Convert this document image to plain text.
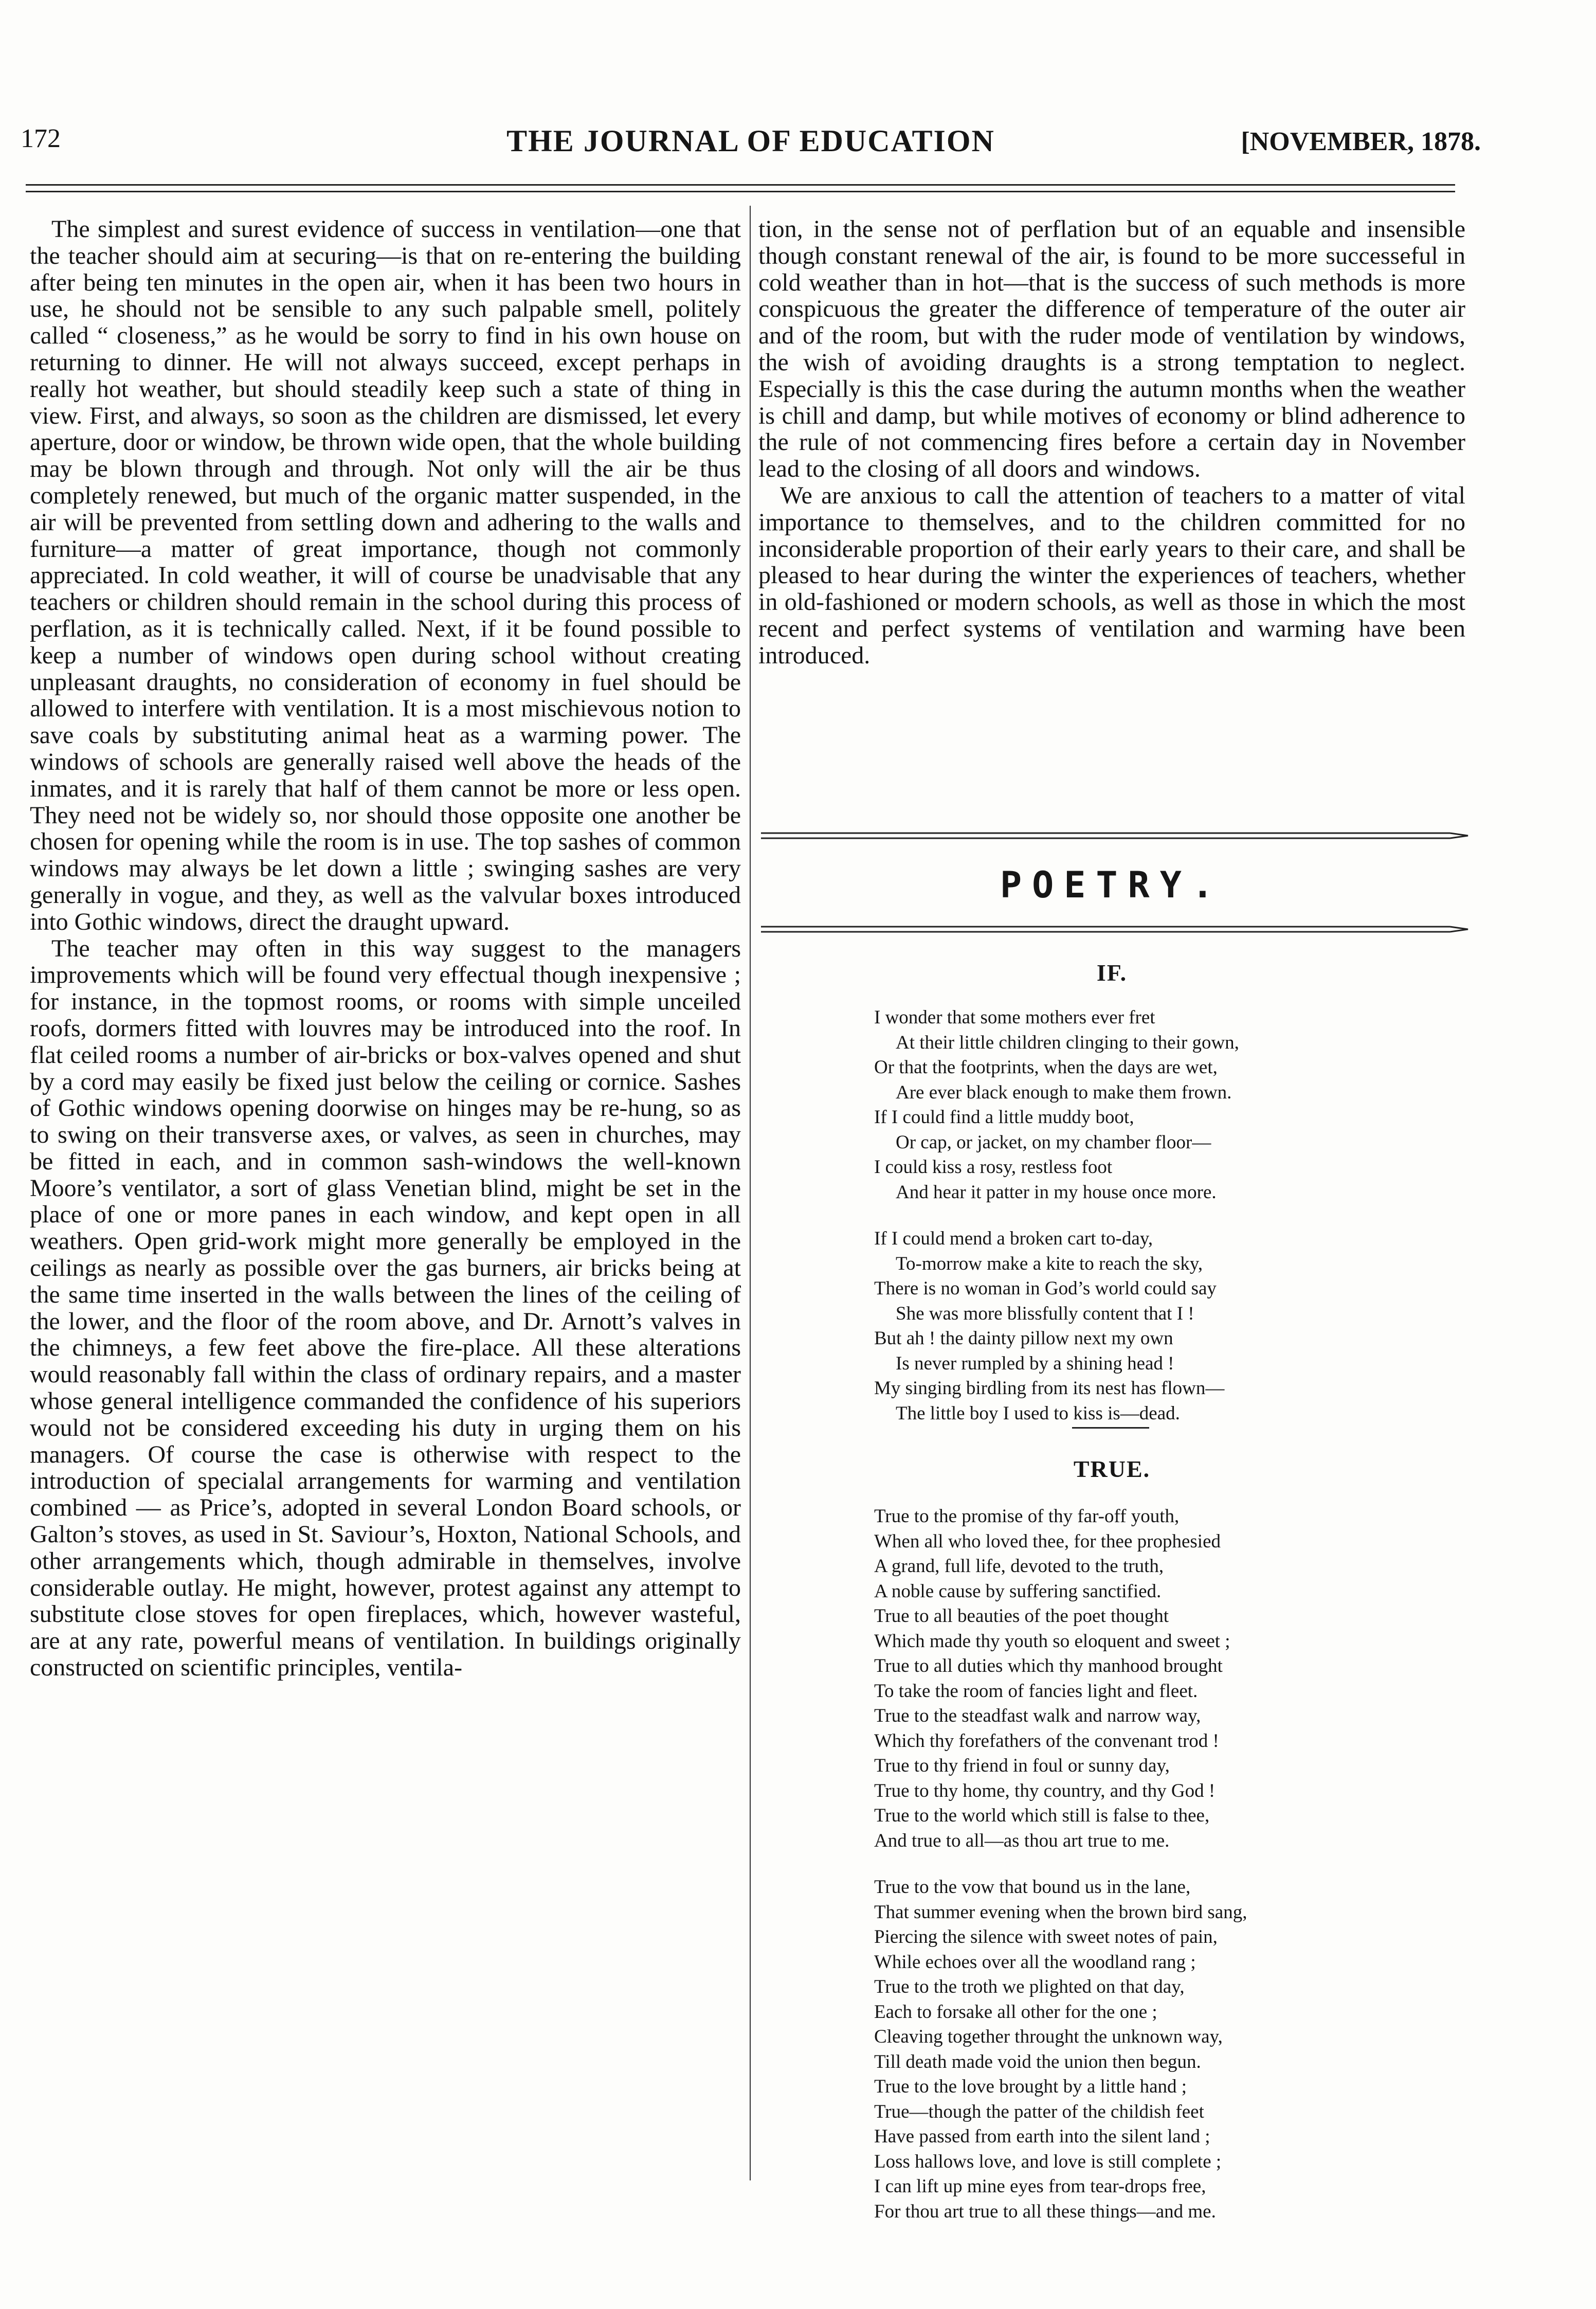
172	THE JOURNAL OF EDUCATION	[NOVEMBER, 1878.

The simplest and surest evidence of success in ventilation—one that the teacher should aim at securing—is that on re-entering the building after being ten minutes in the open air, when it has been two hours in use, he should not be sensible to any such palpable smell, politely called “ closeness,” as he would be sorry to find in his own house on returning to dinner. He will not always succeed, except perhaps in really hot weather, but should steadily keep such a state of thing in view. First, and always, so soon as the children are dismissed, let every aperture, door or window, be thrown wide open, that the whole building may be blown through and through. Not only will the air be thus completely renewed, but much of the organic matter suspended, in the air will be prevented from settling down and adhering to the walls and furniture—a matter of great importance, though not commonly appreciated. In cold weather, it will of course be unadvisable that any teachers or children should remain in the school during this process of perflation, as it is technically called. Next, if it be found possible to keep a number of windows open during school without creating unpleasant draughts, no consideration of economy in fuel should be allowed to interfere with ventilation. It is a most mischievous notion to save coals by substituting animal heat as a warming power. The windows of schools are generally raised well above the heads of the inmates, and it is rarely that half of them cannot be more or less open. They need not be widely so, nor should those opposite one another be chosen for opening while the room is in use. The top sashes of common windows may always be let down a little ; swinging sashes are very generally in vogue, and they, as well as the valvular boxes introduced into Gothic windows, direct the draught upward.

The teacher may often in this way suggest to the managers improvements which will be found very effectual though inexpensive ; for instance, in the topmost rooms, or rooms with simple unceiled roofs, dormers fitted with louvres may be introduced into the roof. In flat ceiled rooms a number of air-bricks or box-valves opened and shut by a cord may easily be fixed just below the ceiling or cornice. Sashes of Gothic windows opening doorwise on hinges may be re-hung, so as to swing on their transverse axes, or valves, as seen in churches, may be fitted in each, and in common sash-windows the well-known Moore’s ventilator, a sort of glass Venetian blind, might be set in the place of one or more panes in each window, and kept open in all weathers. Open grid-work might more generally be employed in the ceilings as nearly as possible over the gas burners, air bricks being at the same time inserted in the walls between the lines of the ceiling of the lower, and the floor of the room above, and Dr. Arnott’s valves in the chimneys, a few feet above the fire-place. All these alterations would reasonably fall within the class of ordinary repairs, and a master whose general intelligence commanded the confidence of his superiors would not be considered exceeding his duty in urging them on his managers. Of course the case is otherwise with respect to the introduction of specialal arrangements for warming and ventilation combined — as Price’s, adopted in several London Board schools, or Galton’s stoves, as used in St. Saviour’s, Hoxton, National Schools, and other arrangements which, though admirable in themselves, involve considerable outlay. He might, however, protest against any attempt to substitute close stoves for open fireplaces, which, however wasteful, are at any rate, powerful means of ventilation. In buildings originally constructed on scientific principles, ventila-

tion, in the sense not of perflation but of an equable and insensible though constant renewal of the air, is found to be more successeful in cold weather than in hot—that is the success of such methods is more conspicuous the greater the difference of temperature of the outer air and of the room, but with the ruder mode of ventilation by windows, the wish of avoiding draughts is a strong temptation to neglect. Especially is this the case during the autumn months when the weather is chill and damp, but while motives of economy or blind adherence to the rule of not commencing fires before a certain day in November lead to the closing of all doors and windows.

We are anxious to call the attention of teachers to a matter of vital importance to themselves, and to the children committed for no inconsiderable proportion of their early years to their care, and shall be pleased to hear during the winter the experiences of teachers, whether in old-fashioned or modern schools, as well as those in which the most recent and perfect systems of ventilation and warming have been introduced.

POETRY.
IF.
I wonder that some mothers ever fret
At their little children clinging to their gown,
Or that the footprints, when the days are wet,
Are ever black enough to make them frown.
If I could find a little muddy boot,
Or cap, or jacket, on my chamber floor—
I could kiss a rosy, restless foot
And hear it patter in my house once more.
If I could mend a broken cart to-day,
To-morrow make a kite to reach the sky,
There is no woman in God’s world could say
She was more blissfully content that I !
But ah ! the dainty pillow next my own
Is never rumpled by a shining head !
My singing birdling from its nest has flown—
The little boy I used to kiss is—dead.
TRUE.
True to the promise of thy far-off youth,
When all who loved thee, for thee prophesied
A grand, full life, devoted to the truth,
A noble cause by suffering sanctified.
True to all beauties of the poet thought
Which made thy youth so eloquent and sweet ;
True to all duties which thy manhood brought
To take the room of fancies light and fleet.
True to the steadfast walk and narrow way,
Which thy forefathers of the convenant trod !
True to thy friend in foul or sunny day,
True to thy home, thy country, and thy God !
True to the world which still is false to thee,
And true to all—as thou art true to me.
True to the vow that bound us in the lane,
That summer evening when the brown bird sang,
Piercing the silence with sweet notes of pain,
While echoes over all the woodland rang ;
True to the troth we plighted on that day,
Each to forsake all other for the one ;
Cleaving together throught the unknown way,
Till death made void the union then begun.
True to the love brought by a little hand ;
True—though the patter of the childish feet
Have passed from earth into the silent land ;
Loss hallows love, and love is still complete ;
I can lift up mine eyes from tear-drops free,
For thou art true to all these things—and me.
